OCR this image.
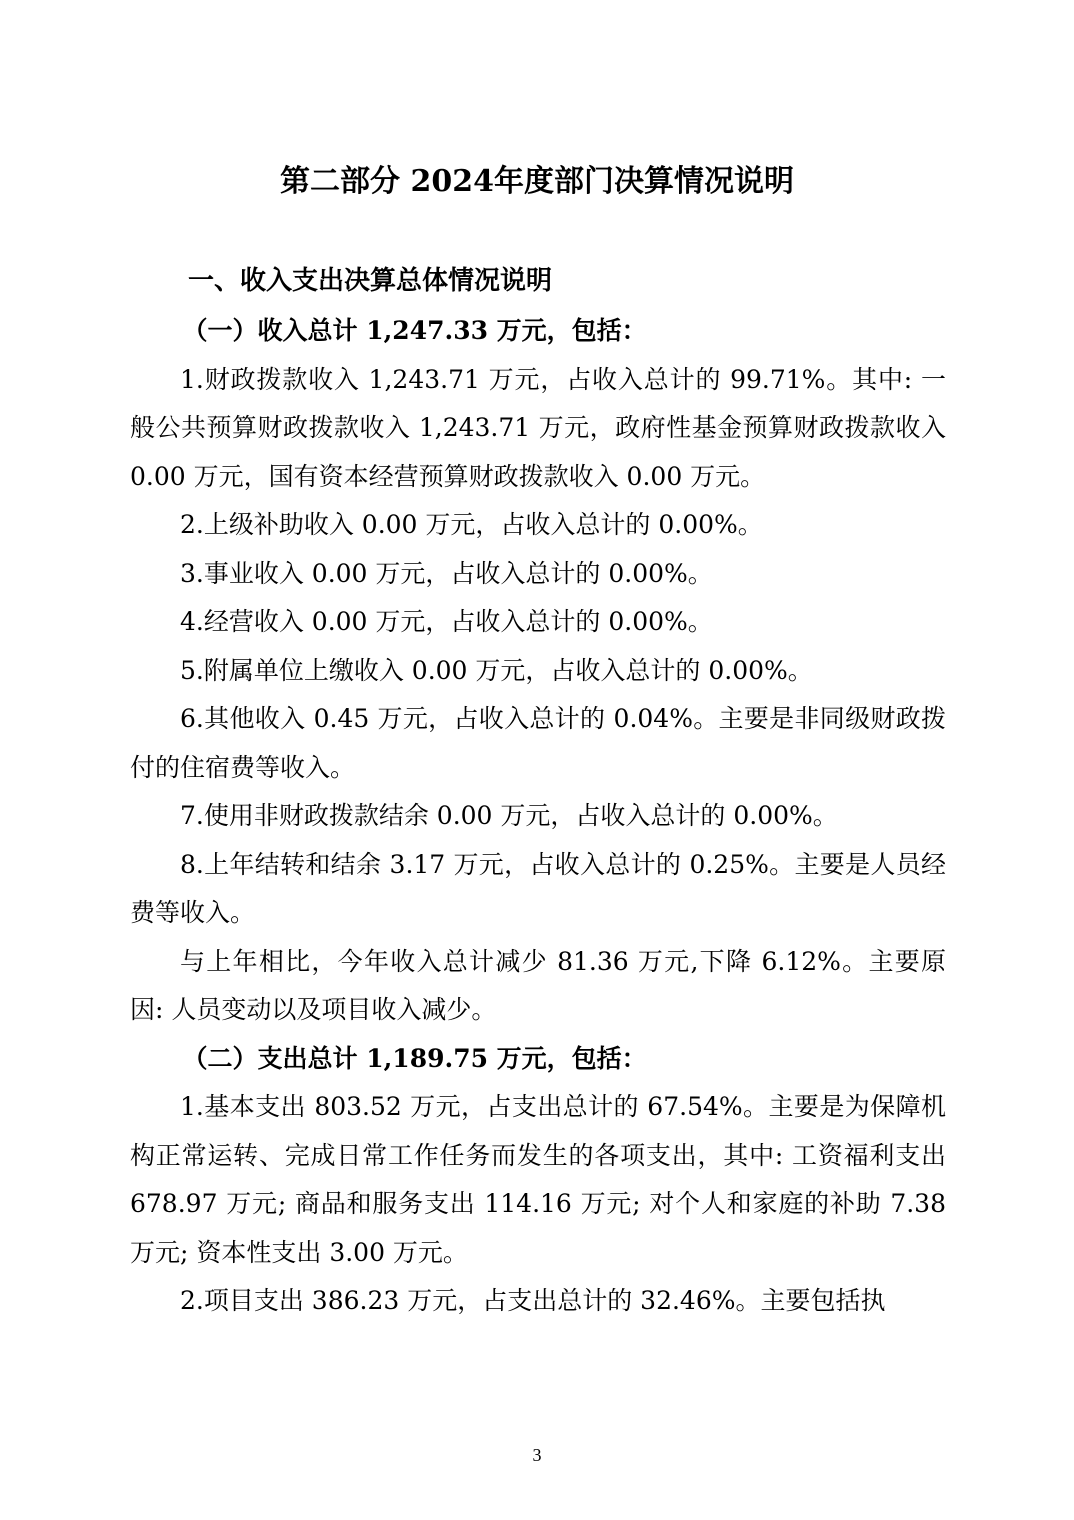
第二部分 2024年度部门决算情况说明
一、收入支出决算总体情况说明

（一）收入总计 1,247.33 万元，包括：

1.财政拨款收入 1,243.71 万元，占收入总计的 99.71%。其中: 一般公共预算财政拨款收入 1,243.71 万元，政府性基金预算财政拨款收入 0.00 万元，国有资本经营预算财政拨款收入 0.00 万元。

2.上级补助收入 0.00 万元，占收入总计的 0.00%。

3.事业收入 0.00 万元，占收入总计的 0.00%。

4.经营收入 0.00 万元，占收入总计的 0.00%。

5.附属单位上缴收入 0.00 万元，占收入总计的 0.00%。

6.其他收入 0.45 万元，占收入总计的 0.04%。主要是非同级财政拨付的住宿费等收入。

7.使用非财政拨款结余 0.00 万元，占收入总计的 0.00%。

8.上年结转和结余 3.17 万元，占收入总计的 0.25%。主要是人员经费等收入。

与上年相比，今年收入总计减少 81.36 万元,下降 6.12%。主要原因: 人员变动以及项目收入减少。

（二）支出总计 1,189.75 万元，包括：

1.基本支出 803.52 万元，占支出总计的 67.54%。主要是为保障机构正常运转、完成日常工作任务而发生的各项支出，其中: 工资福利支出 678.97 万元; 商品和服务支出 114.16 万元; 对个人和家庭的补助 7.38 万元; 资本性支出 3.00 万元。

2.项目支出 386.23 万元，占支出总计的 32.46%。主要包括执

3
